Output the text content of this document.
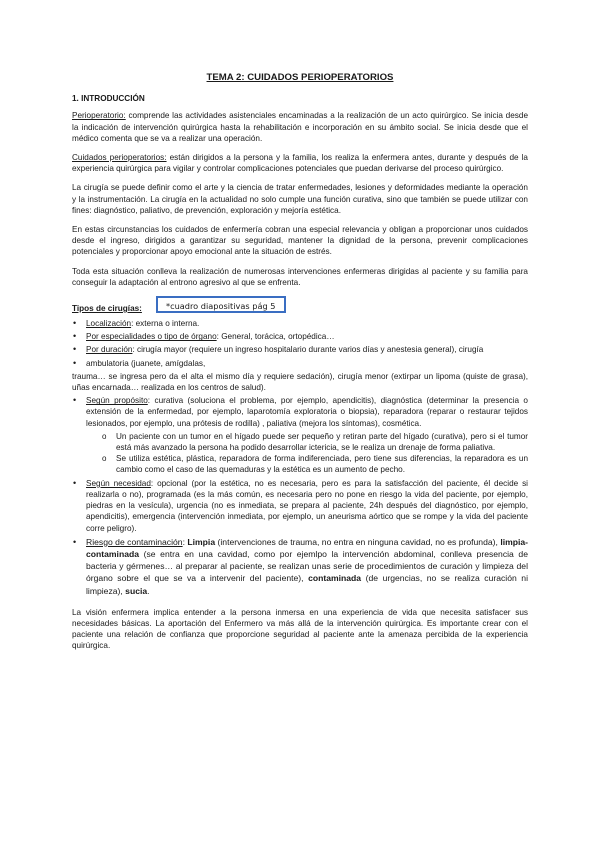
TEMA 2: CUIDADOS PERIOPERATORIOS
1. INTRODUCCIÓN

Perioperatorio: comprende las actividades asistenciales encaminadas a la realización de un acto quirúrgico. Se inicia desde la indicación de intervención quirúrgica hasta la rehabilitación e incorporación en su ámbito social. Se inicia desde que el médico comenta que se va a realizar una operación.

Cuidados perioperatorios: están dirigidos a la persona y la familia, los realiza la enfermera antes, durante y después de la experiencia quirúrgica para vigilar y controlar complicaciones potenciales que puedan derivarse del proceso quirúrgico.

La cirugía se puede definir como el arte y la ciencia de tratar enfermedades, lesiones y deformidades mediante la operación y la instrumentación. La cirugía en la actualidad no solo cumple una función curativa, sino que también se puede utilizar con fines: diagnóstico, paliativo, de prevención, exploración y mejoría estética.

En estas circunstancias los cuidados de enfermería cobran una especial relevancia y obligan a proporcionar unos cuidados desde el ingreso, dirigidos a garantizar su seguridad, mantener la dignidad de la persona, prevenir complicaciones potenciales y proporcionar apoyo emocional ante la situación de estrés.

Toda esta situación conlleva la realización de numerosas intervenciones enfermeras dirigidas al paciente y su familia para conseguir la adaptación al entrono agresivo al que se enfrenta.

Tipos de cirugías:	*cuadro diapositivas pág 5
• Localización: externa o interna.
• Por especialidades o tipo de órgano: General, torácica, ortopédica…
• Por duración: cirugía mayor (requiere un ingreso hospitalario durante varios días y anestesia general), cirugía
• ambulatoria (juanete, amígdalas,
trauma… se ingresa pero da el alta el mismo día y requiere sedación), cirugía menor (extirpar un lipoma (quiste de grasa), uñas encarnada… realizada en los centros de salud).
• Según propósito: curativa (soluciona el problema, por ejemplo, apendicitis), diagnóstica (determinar la presencia o extensión de la enfermedad, por ejemplo, laparotomía exploratoria o biopsia), reparadora (reparar o restaurar tejidos lesionados, por ejemplo, una prótesis de rodilla) , paliativa (mejora los síntomas), cosmética.
o Un paciente con un tumor en el hígado puede ser pequeño y retiran parte del hígado (curativa), pero si el tumor está más avanzado la persona ha podido desarrollar ictericia, se le realiza un drenaje de forma paliativa.
o Se utiliza estética, plástica, reparadora de forma indiferenciada, pero tiene sus diferencias, la reparadora es un cambio como el caso de las quemaduras y la estética es un aumento de pecho.
• Según necesidad: opcional (por la estética, no es necesaria, pero es para la satisfacción del paciente, él decide si realizarla o no), programada (es la más común, es necesaria pero no pone en riesgo la vida del paciente, por ejemplo, piedras en la vesícula), urgencia (no es inmediata, se prepara al paciente, 24h después del diagnóstico, por ejemplo, apendicitis), emergencia (intervención inmediata, por ejemplo, un aneurisma aórtico que se rompe y la vida del paciente corre peligro).
• Riesgo de contaminación: Limpia (intervenciones de trauma, no entra en ninguna cavidad, no es profunda), limpia-contaminada (se entra en una cavidad, como por ejemlpo la intervención abdominal, conlleva presencia de bacteria y gérmenes… al preparar al paciente, se realizan unas serie de procedimientos de curación y limpieza del órgano sobre el que se va a intervenir del paciente), contaminada (de urgencias, no se realiza curación ni limpieza), sucia.

La visión enfermera implica entender a la persona inmersa en una experiencia de vida que necesita satisfacer sus necesidades básicas. La aportación del Enfermero va más allá de la intervención quirúrgica. Es importante crear con el paciente una relación de confianza que proporcione seguridad al paciente ante la amenaza percibida de la experiencia quirúrgica.
